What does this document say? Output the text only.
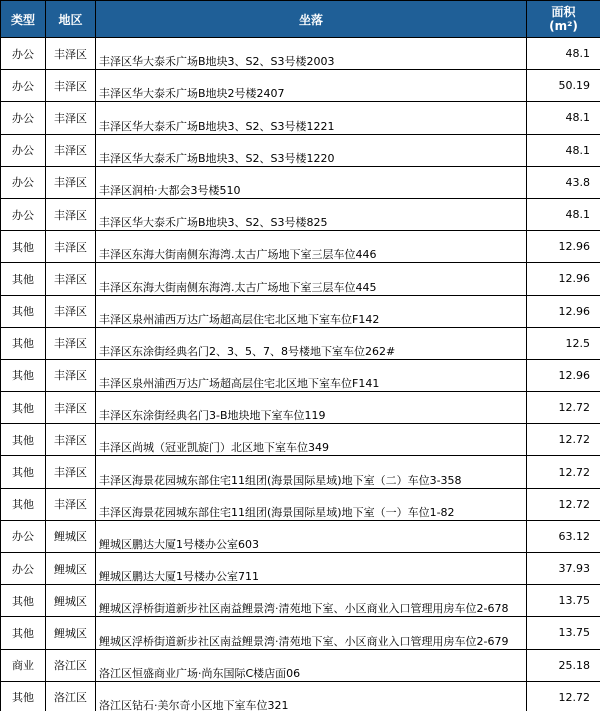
类型	地区	坐落	面积
(m²)
办公	丰泽区	丰泽区华大泰禾广场B地块3、S2、S3号楼2003	48.1
办公	丰泽区	丰泽区华大泰禾广场B地块2号楼2407	50.19
办公	丰泽区	丰泽区华大泰禾广场B地块3、S2、S3号楼1221	48.1
办公	丰泽区	丰泽区华大泰禾广场B地块3、S2、S3号楼1220	48.1
办公	丰泽区	丰泽区润柏·大都会3号楼510	43.8
办公	丰泽区	丰泽区华大泰禾广场B地块3、S2、S3号楼825	48.1
其他	丰泽区	丰泽区东海大街南侧东海湾.太古广场地下室三层车位446	12.96
其他	丰泽区	丰泽区东海大街南侧东海湾.太古广场地下室三层车位445	12.96
其他	丰泽区	丰泽区泉州浦西万达广场超高层住宅北区地下室车位F142	12.96
其他	丰泽区	丰泽区东涂街经典名门2、3、5、7、8号楼地下室车位262#	12.5
其他	丰泽区	丰泽区泉州浦西万达广场超高层住宅北区地下室车位F141	12.96
其他	丰泽区	丰泽区东涂街经典名门3-B地块地下室车位119	12.72
其他	丰泽区	丰泽区尚城（冠亚凯旋门）北区地下室车位349	12.72
其他	丰泽区	丰泽区海景花园城东部住宅11组团(海景国际星域)地下室（二）车位3-358	12.72
其他	丰泽区	丰泽区海景花园城东部住宅11组团(海景国际星域)地下室（一）车位1-82	12.72
办公	鲤城区	鲤城区鹏达大厦1号楼办公室603	63.12
办公	鲤城区	鲤城区鹏达大厦1号楼办公室711	37.93
其他	鲤城区	鲤城区浮桥街道新步社区南益鲤景湾·清苑地下室、小区商业入口管理用房车位2-678	13.75
其他	鲤城区	鲤城区浮桥街道新步社区南益鲤景湾·清苑地下室、小区商业入口管理用房车位2-679	13.75
商业	洛江区	洛江区恒盛商业广场·尚东国际C楼店面06	25.18
其他	洛江区	洛江区钻石·美尔奇小区地下室车位321	12.72
